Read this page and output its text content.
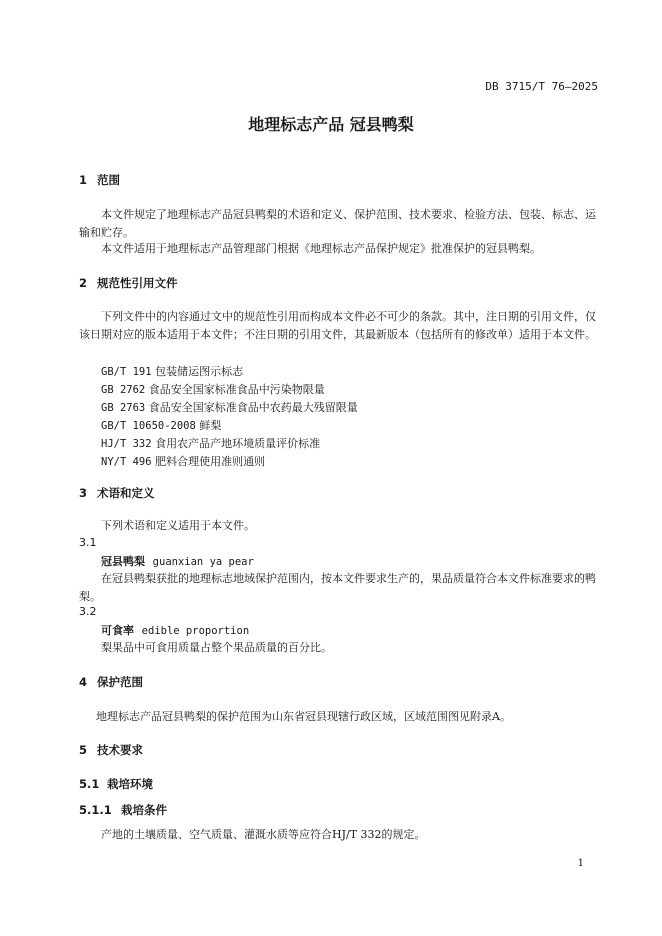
DB 3715/T 76—2025
地理标志产品 冠县鸭梨
1 范围
本文件规定了地理标志产品冠县鸭梨的术语和定义、保护范围、技术要求、检验方法、包装、标志、运输和贮存。
本文件适用于地理标志产品管理部门根据《地理标志产品保护规定》批准保护的冠县鸭梨。
2 规范性引用文件
下列文件中的内容通过文中的规范性引用而构成本文件必不可少的条款。其中，注日期的引用文件，仅该日期对应的版本适用于本文件；不注日期的引用文件，其最新版本（包括所有的修改单）适用于本文件。
GB/T 191 包装储运图示标志
GB 2762 食品安全国家标准食品中污染物限量
GB 2763 食品安全国家标准食品中农药最大残留限量
GB/T 10650-2008 鲜梨
HJ/T 332 食用农产品产地环境质量评价标准
NY/T 496 肥料合理使用准则通则
3 术语和定义
下列术语和定义适用于本文件。
3.1
冠县鸭梨 guanxian ya pear
在冠县鸭梨获批的地理标志地域保护范围内，按本文件要求生产的，果品质量符合本文件标准要求的鸭梨。
3.2
可食率 edible proportion
梨果品中可食用质量占整个果品质量的百分比。
4 保护范围
地理标志产品冠县鸭梨的保护范围为山东省冠县现辖行政区域，区域范围图见附录A。
5 技术要求
5.1 栽培环境
5.1.1 栽培条件
产地的土壤质量、空气质量、灌溉水质等应符合HJ/T 332的规定。
1
